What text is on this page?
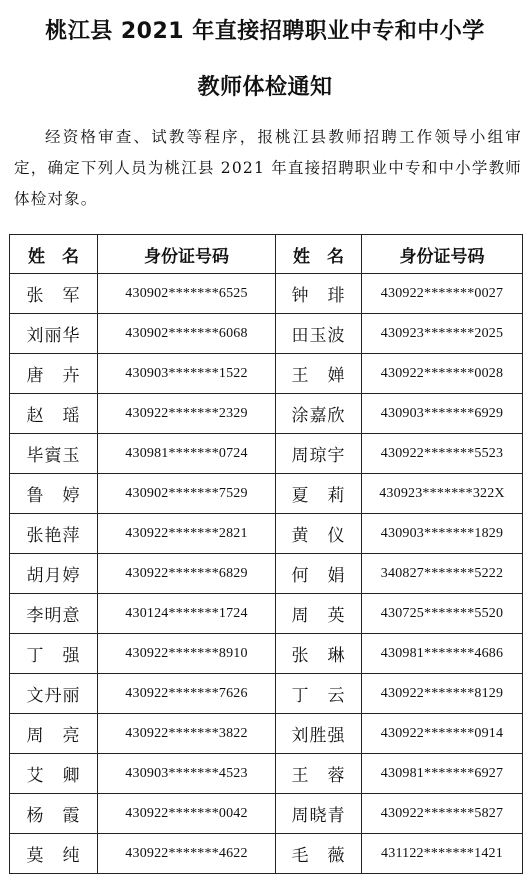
桃江县 2021 年直接招聘职业中专和中小学
教师体检通知
经资格审查、试教等程序，报桃江县教师招聘工作领导小组审定，确定下列人员为桃江县 2021 年直接招聘职业中专和中小学教师体检对象。
姓　名	身份证号码	姓　名	身份证号码
张　军	430902*******6525	钟　琲	430922*******0027
刘丽华	430902*******6068	田玉波	430923*******2025
唐　卉	430903*******1522	王　婵	430922*******0028
赵　瑶	430922*******2329	涂嘉欣	430903*******6929
毕賨玉	430981*******0724	周琼宇	430922*******5523
鲁　婷	430902*******7529	夏　莉	430923*******322X
张艳萍	430922*******2821	黄　仪	430903*******1829
胡月婷	430922*******6829	何　娟	340827*******5222
李明意	430124*******1724	周　英	430725*******5520
丁　强	430922*******8910	张　琳	430981*******4686
文丹丽	430922*******7626	丁　云	430922*******8129
周　亮	430922*******3822	刘胜强	430922*******0914
艾　卿	430903*******4523	王　蓉	430981*******6927
杨　霞	430922*******0042	周晓青	430922*******5827
莫　纯	430922*******4622	毛　薇	431122*******1421
